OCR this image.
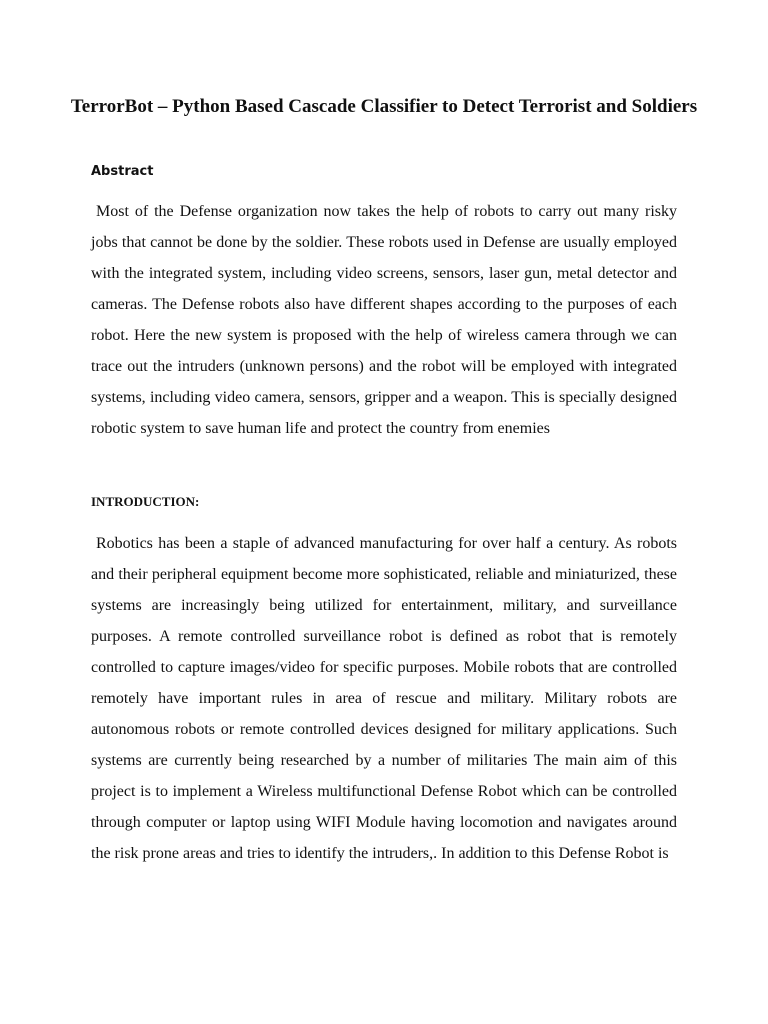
TerrorBot – Python Based Cascade Classifier to Detect Terrorist and Soldiers
Abstract

Most of the Defense organization now takes the help of robots to carry out many risky jobs that cannot be done by the soldier. These robots used in Defense are usually employed with the integrated system, including video screens, sensors, laser gun, metal detector and cameras. The Defense robots also have different shapes according to the purposes of each robot. Here the new system is proposed with the help of wireless camera through we can trace out the intruders (unknown persons) and the robot will be employed with integrated systems, including video camera, sensors, gripper and a weapon. This is specially designed robotic system to save human life and protect the country from enemies

INTRODUCTION:

Robotics has been a staple of advanced manufacturing for over half a century. As robots and their peripheral equipment become more sophisticated, reliable and miniaturized, these systems are increasingly being utilized for entertainment, military, and surveillance purposes. A remote controlled surveillance robot is defined as robot that is remotely controlled to capture images/video for specific purposes. Mobile robots that are controlled remotely have important rules in area of rescue and military. Military robots are autonomous robots or remote controlled devices designed for military applications. Such systems are currently being researched by a number of militaries The main aim of this project is to implement a Wireless multifunctional Defense Robot which can be controlled through computer or laptop using WIFI Module having locomotion and navigates around the risk prone areas and tries to identify the intruders,. In addition to this Defense Robot is
